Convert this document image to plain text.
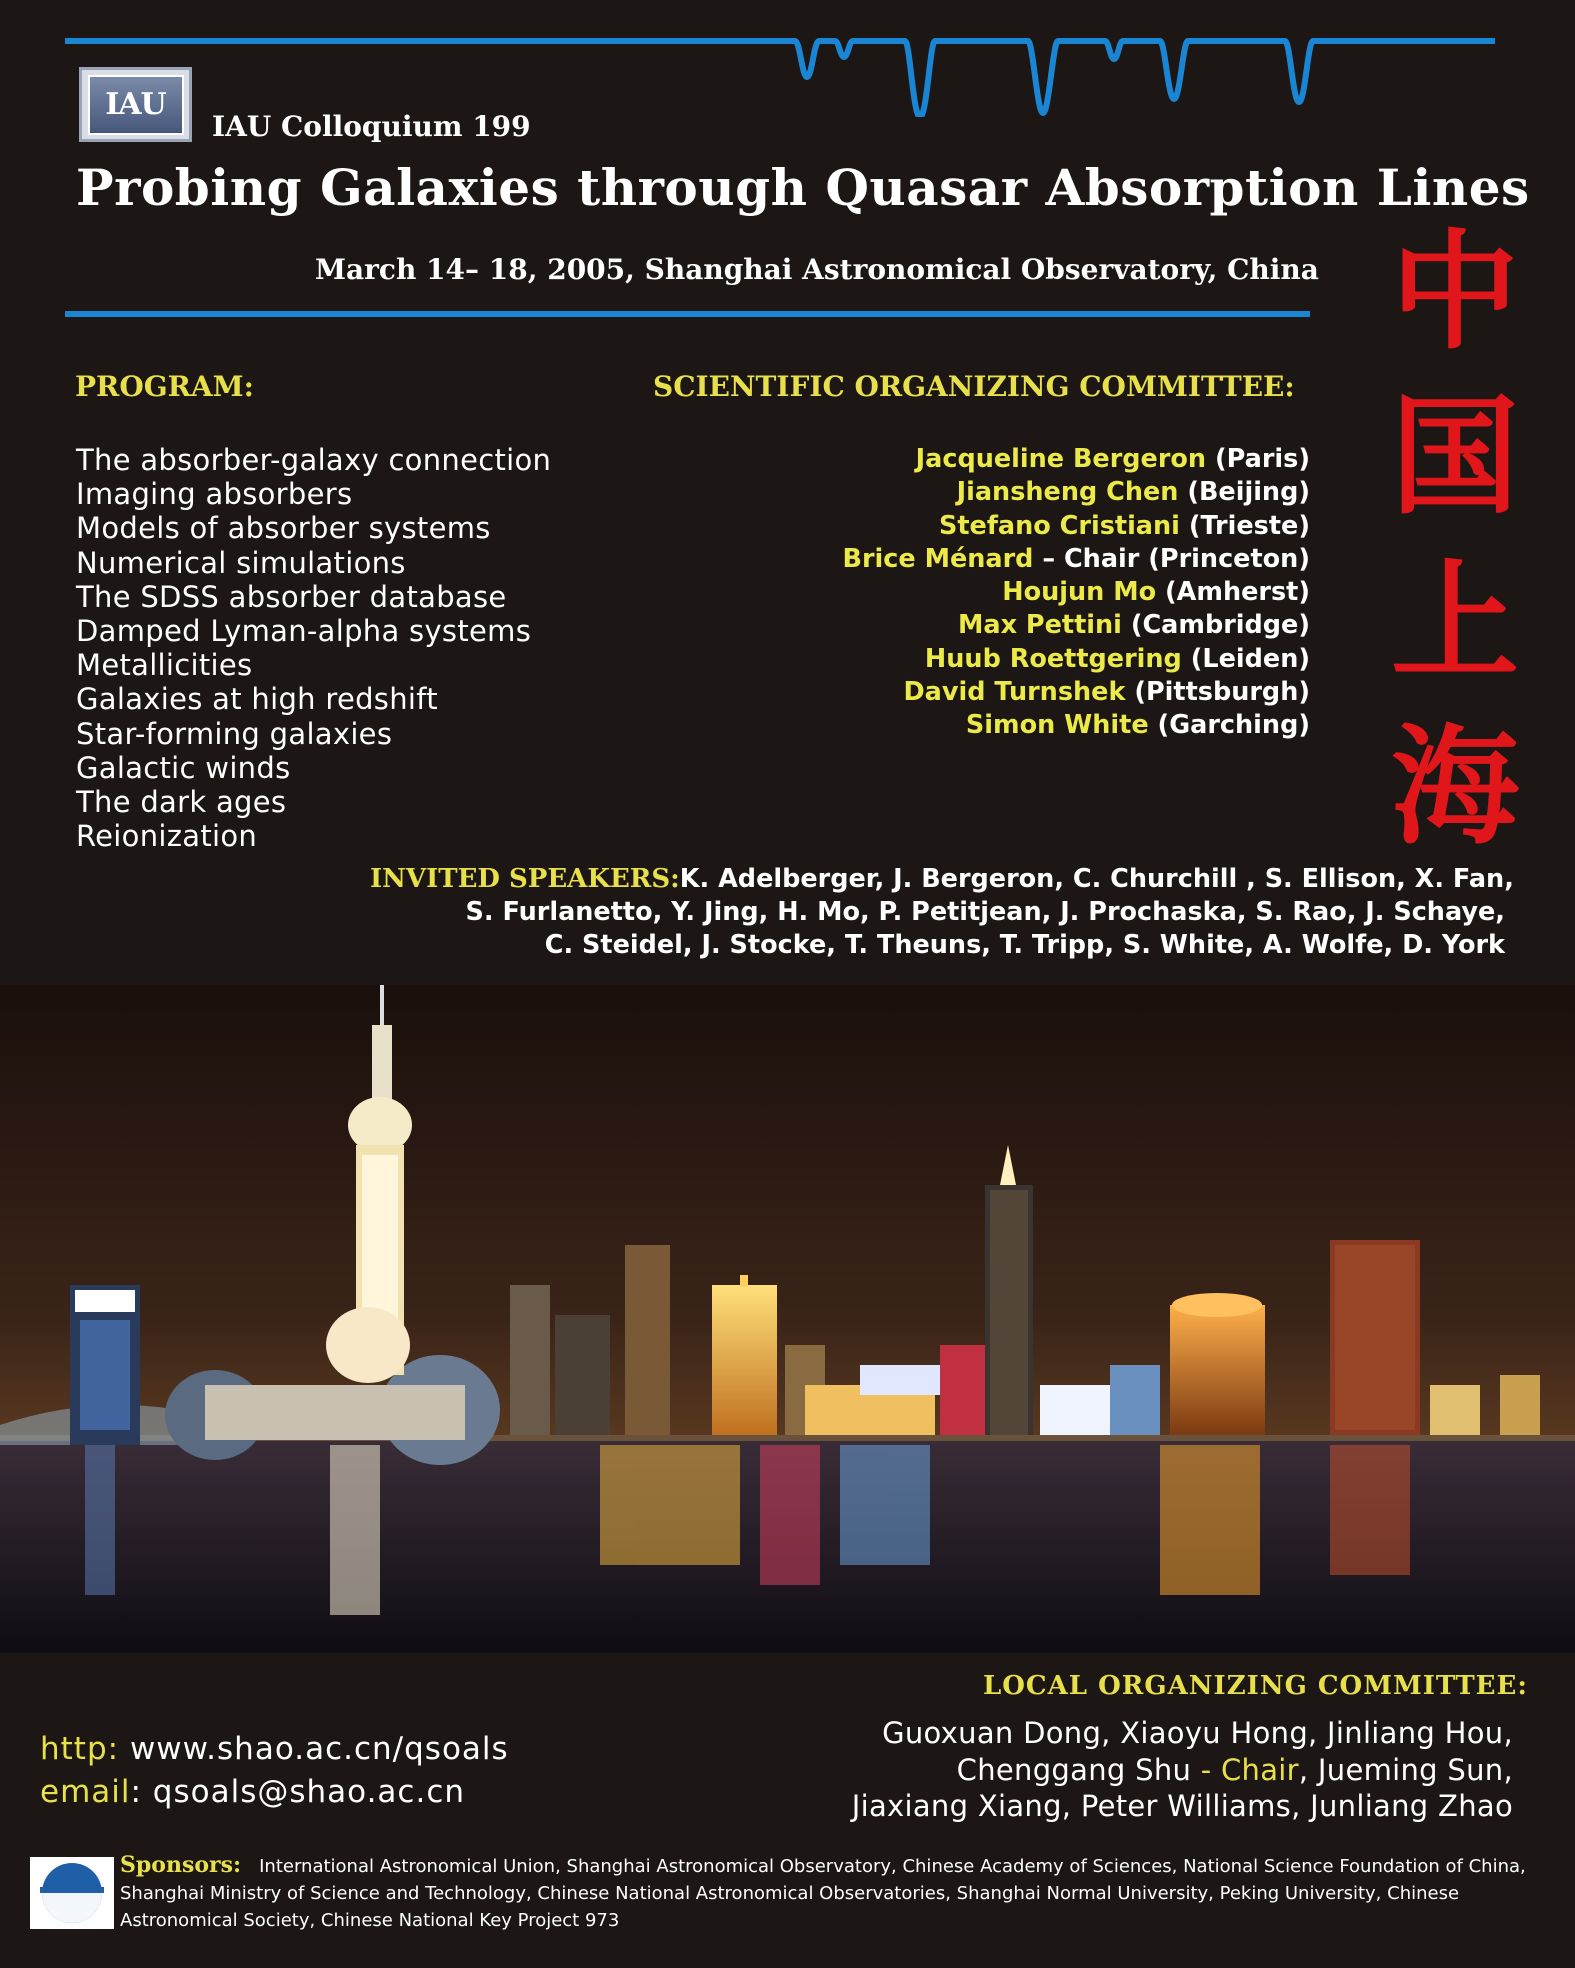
IAU
IAU Colloquium 199
Probing Galaxies through Quasar Absorption Lines
March 14– 18, 2005, Shanghai Astronomical Observatory, China 中
国
上
海
PROGRAM:	SCIENTIFIC ORGANIZING COMMITTEE:
The absorber-galaxy connection
Imaging absorbers
Models of absorber systems
Numerical simulations
The SDSS absorber database
Damped Lyman-alpha systems
Metallicities
Galaxies at high redshift
Star-forming galaxies
Galactic winds
The dark ages
Reionization
Jacqueline Bergeron (Paris)
Jiansheng Chen (Beijing)
Stefano Cristiani (Trieste)
Brice Ménard – Chair (Princeton)
Houjun Mo (Amherst)
Max Pettini (Cambridge)
Huub Roettgering (Leiden)
David Turnshek (Pittsburgh)
Simon White (Garching)
INVITED SPEAKERS:K. Adelberger, J. Bergeron, C. Churchill , S. Ellison, X. Fan,
S. Furlanetto, Y. Jing, H. Mo, P. Petitjean, J. Prochaska, S. Rao, J. Schaye,
C. Steidel, J. Stocke, T. Theuns, T. Tripp, S. White, A. Wolfe, D. York
LOCAL ORGANIZING COMMITTEE:
Guoxuan Dong, Xiaoyu Hong, Jinliang Hou,
Chenggang Shu - Chair, Jueming Sun,
Jiaxiang Xiang, Peter Williams, Junliang Zhao
http: www.shao.ac.cn/qsoals
email: qsoals@shao.ac.cn
Sponsors: International Astronomical Union, Shanghai Astronomical Observatory, Chinese Academy of Sciences, National Science Foundation of China, Shanghai Ministry of Science and Technology, Chinese National Astronomical Observatories, Shanghai Normal University, Peking University, Chinese Astronomical Society, Chinese National Key Project 973
